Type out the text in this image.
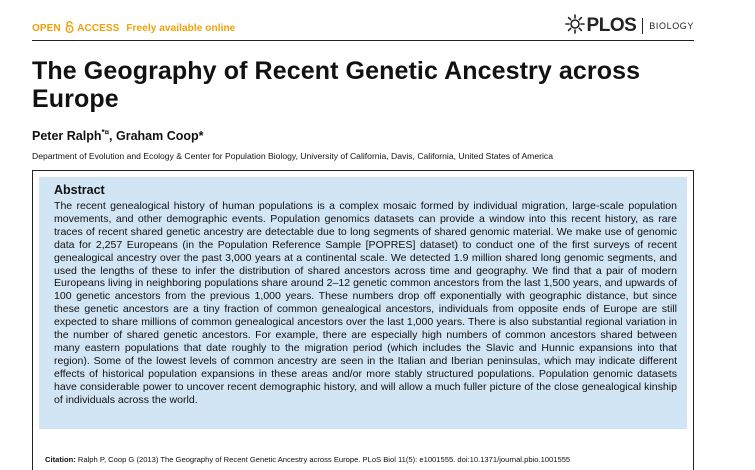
OPEN ACCESS Freely available online	PLOS BIOLOGY
The Geography of Recent Genetic Ancestry across Europe
Peter Ralph*¤, Graham Coop*
Department of Evolution and Ecology & Center for Population Biology, University of California, Davis, California, United States of America
Abstract

The recent genealogical history of human populations is a complex mosaic formed by individual migration, large-scale population movements, and other demographic events. Population genomics datasets can provide a window into this recent history, as rare traces of recent shared genetic ancestry are detectable due to long segments of shared genomic material. We make use of genomic data for 2,257 Europeans (in the Population Reference Sample [POPRES] dataset) to conduct one of the first surveys of recent genealogical ancestry over the past 3,000 years at a continental scale. We detected 1.9 million shared long genomic segments, and used the lengths of these to infer the distribution of shared ancestors across time and geography. We find that a pair of modern Europeans living in neighboring populations share around 2–12 genetic common ancestors from the last 1,500 years, and upwards of 100 genetic ancestors from the previous 1,000 years. These numbers drop off exponentially with geographic distance, but since these genetic ancestors are a tiny fraction of common genealogical ancestors, individuals from opposite ends of Europe are still expected to share millions of common genealogical ancestors over the last 1,000 years. There is also substantial regional variation in the number of shared genetic ancestors. For example, there are especially high numbers of common ancestors shared between many eastern populations that date roughly to the migration period (which includes the Slavic and Hunnic expansions into that region). Some of the lowest levels of common ancestry are seen in the Italian and Iberian peninsulas, which may indicate different effects of historical population expansions in these areas and/or more stably structured populations. Population genomic datasets have considerable power to uncover recent demographic history, and will allow a much fuller picture of the close genealogical kinship of individuals across the world.

Citation: Ralph P, Coop G (2013) The Geography of Recent Genetic Ancestry across Europe. PLoS Biol 11(5): e1001555. doi:10.1371/journal.pbio.1001555
